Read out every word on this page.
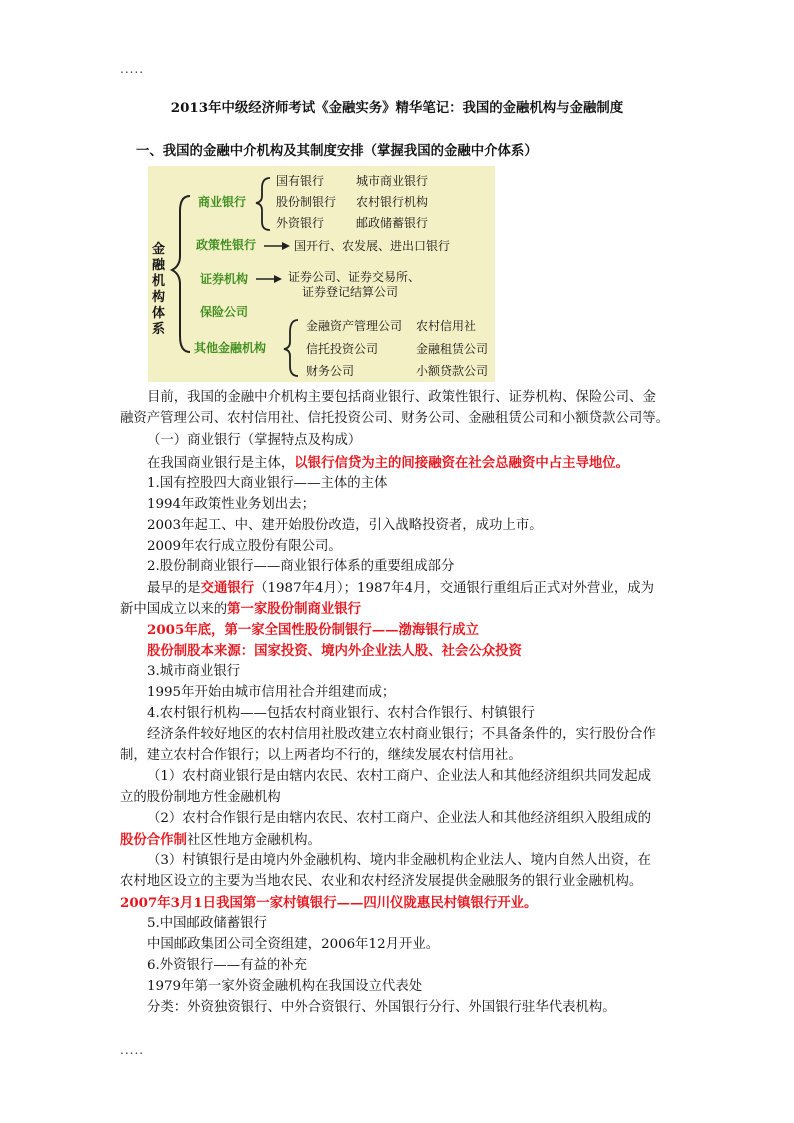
.....
.....
2013年中级经济师考试《金融实务》精华笔记：我国的金融机构与金融制度
一、我国的金融中介机构及其制度安排（掌握我国的金融中介体系）
金融机构体系
商业银行
政策性银行
证券机构
保险公司
其他金融机构
国有银行	城市商业银行
股份制银行 农村银行机构
外资银行	邮政储蓄银行
国开行、农发展、进出口银行
证券公司、证券交易所、
证券登记结算公司
金融资产管理公司 农村信用社
信托投资公司	金融租赁公司
财务公司	小额贷款公司
目前，我国的金融中介机构主要包括商业银行、政策性银行、证券机构、保险公司、金
融资产管理公司、农村信用社、信托投资公司、财务公司、金融租赁公司和小额贷款公司等。
（一）商业银行（掌握特点及构成）
在我国商业银行是主体，以银行信贷为主的间接融资在社会总融资中占主导地位。
1.国有控股四大商业银行——主体的主体
1994年政策性业务划出去；
2003年起工、中、建开始股份改造，引入战略投资者，成功上市。
2009年农行成立股份有限公司。
2.股份制商业银行——商业银行体系的重要组成部分
最早的是交通银行（1987年4月）；1987年4月，交通银行重组后正式对外营业，成为
新中国成立以来的第一家股份制商业银行
2005年底，第一家全国性股份制银行——渤海银行成立
股份制股本来源：国家投资、境内外企业法人股、社会公众投资
3.城市商业银行
1995年开始由城市信用社合并组建而成；
4.农村银行机构——包括农村商业银行、农村合作银行、村镇银行
经济条件较好地区的农村信用社股改建立农村商业银行；不具备条件的，实行股份合作
制，建立农村合作银行；以上两者均不行的，继续发展农村信用社。
（1）农村商业银行是由辖内农民、农村工商户、企业法人和其他经济组织共同发起成
立的股份制地方性金融机构
（2）农村合作银行是由辖内农民、农村工商户、企业法人和其他经济组织入股组成的
股份合作制社区性地方金融机构。
（3）村镇银行是由境内外金融机构、境内非金融机构企业法人、境内自然人出资，在
农村地区设立的主要为当地农民、农业和农村经济发展提供金融服务的银行业金融机构。
2007年3月1日我国第一家村镇银行——四川仪陇惠民村镇银行开业。
5.中国邮政储蓄银行
中国邮政集团公司全资组建，2006年12月开业。
6.外资银行——有益的补充
1979年第一家外资金融机构在我国设立代表处
分类：外资独资银行、中外合资银行、外国银行分行、外国银行驻华代表机构。
